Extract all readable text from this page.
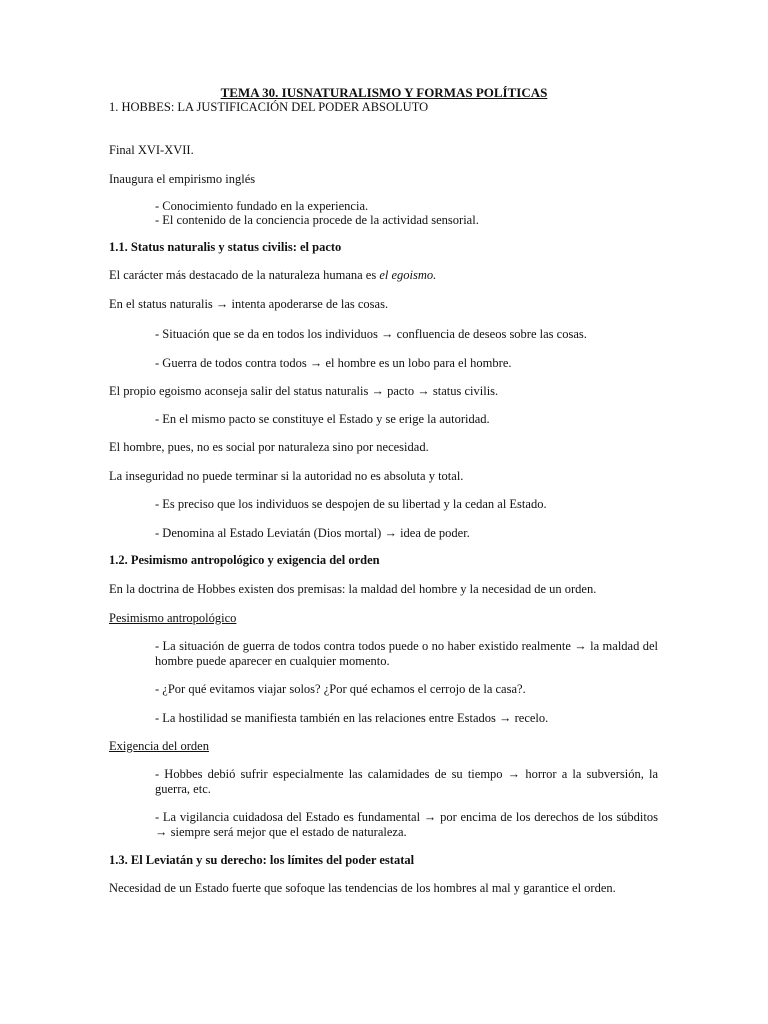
TEMA 30. IUSNATURALISMO Y FORMAS POLÍTICAS
1. HOBBES: LA JUSTIFICACIÓN DEL PODER ABSOLUTO
Final XVI-XVII.
Inaugura el empirismo inglés
- Conocimiento fundado en la experiencia.
- El contenido de la conciencia procede de la actividad sensorial.
1.1. Status naturalis y status civilis: el pacto
El carácter más destacado de la naturaleza humana es el egoismo.
En el status naturalis → intenta apoderarse de las cosas.
- Situación que se da en todos los individuos → confluencia de deseos sobre las cosas.
- Guerra de todos contra todos → el hombre es un lobo para el hombre.
El propio egoismo aconseja salir del status naturalis → pacto → status civilis.
- En el mismo pacto se constituye el Estado y se erige la autoridad.
El hombre, pues, no es social por naturaleza sino por necesidad.
La inseguridad no puede terminar si la autoridad no es absoluta y total.
- Es preciso que los individuos se despojen de su libertad y la cedan al Estado.
- Denomina al Estado Leviatán (Dios mortal) → idea de poder.
1.2. Pesimismo antropológico y exigencia del orden
En la doctrina de Hobbes existen dos premisas: la maldad del hombre y la necesidad de un orden.
Pesimismo antropológico
- La situación de guerra de todos contra todos puede o no haber existido realmente → la maldad del hombre puede aparecer en cualquier momento.
- ¿Por qué evitamos viajar solos? ¿Por qué echamos el cerrojo de la casa?.
- La hostilidad se manifiesta también en las relaciones entre Estados → recelo.
Exigencia del orden
- Hobbes debió sufrir especialmente las calamidades de su tiempo → horror a la subversión, la guerra, etc.
- La vigilancia cuidadosa del Estado es fundamental → por encima de los derechos de los súbditos → siempre será mejor que el estado de naturaleza.
1.3. El Leviatán y su derecho: los límites del poder estatal
Necesidad de un Estado fuerte que sofoque las tendencias de los hombres al mal y garantice el orden.
